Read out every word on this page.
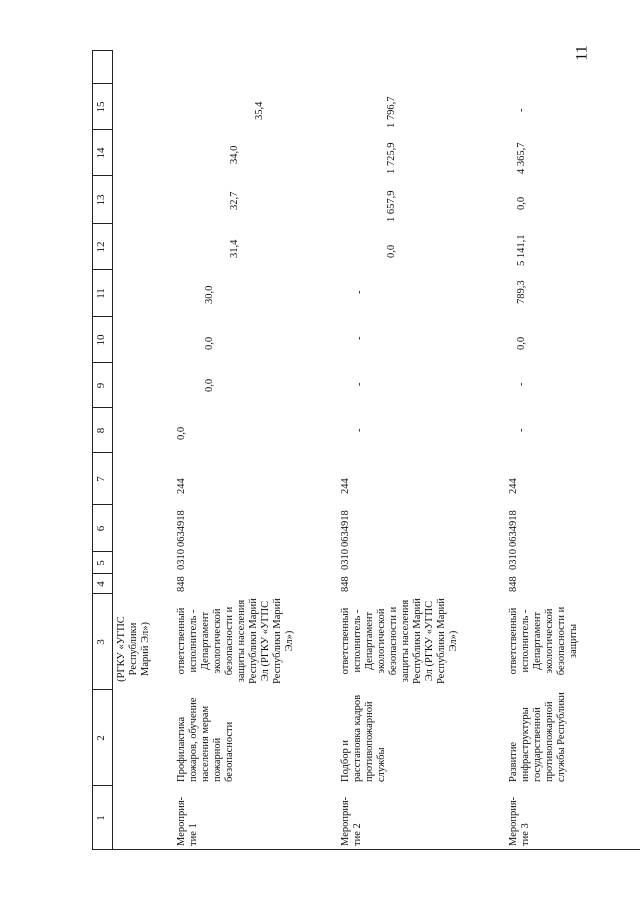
11
1
2
3
4
5
6
7
8
9
10
11
12
13
14
15
(РГКУ «УГПС Республики Марий Эл»)
Мероприя-тие 1
Профилактика пожаров, обучение населения мерам пожарной безопасности
ответственный исполнитель - Департамент экологической безопасности и защиты населения Республики Марий Эл (РГКУ «УГПС Республики Марий Эл»)
848
0310
0634918
244
0,0
0,0
0,0
30,0
31,4
32,7
34,0
35,4
Мероприя-тие 2
Подбор и расстановка кадров противопожарной службы
ответственный исполнитель - Департамент экологической безопасности и защиты населения Республики Марий Эл (РГКУ «УГПС Республики Марий Эл»)
848
0310
0634918
244
-
-
-
-
0,0
1 657,9
1 725,9
1 796,7
Мероприя-тие 3
Развитие инфраструктуры государственной противопожарной службы Республики
ответственный исполнитель - Департамент экологической безопасности и защиты
848
0310
0634918
244
-
-
0,0
789,3
5 141,1
0,0
4 365,7
-
